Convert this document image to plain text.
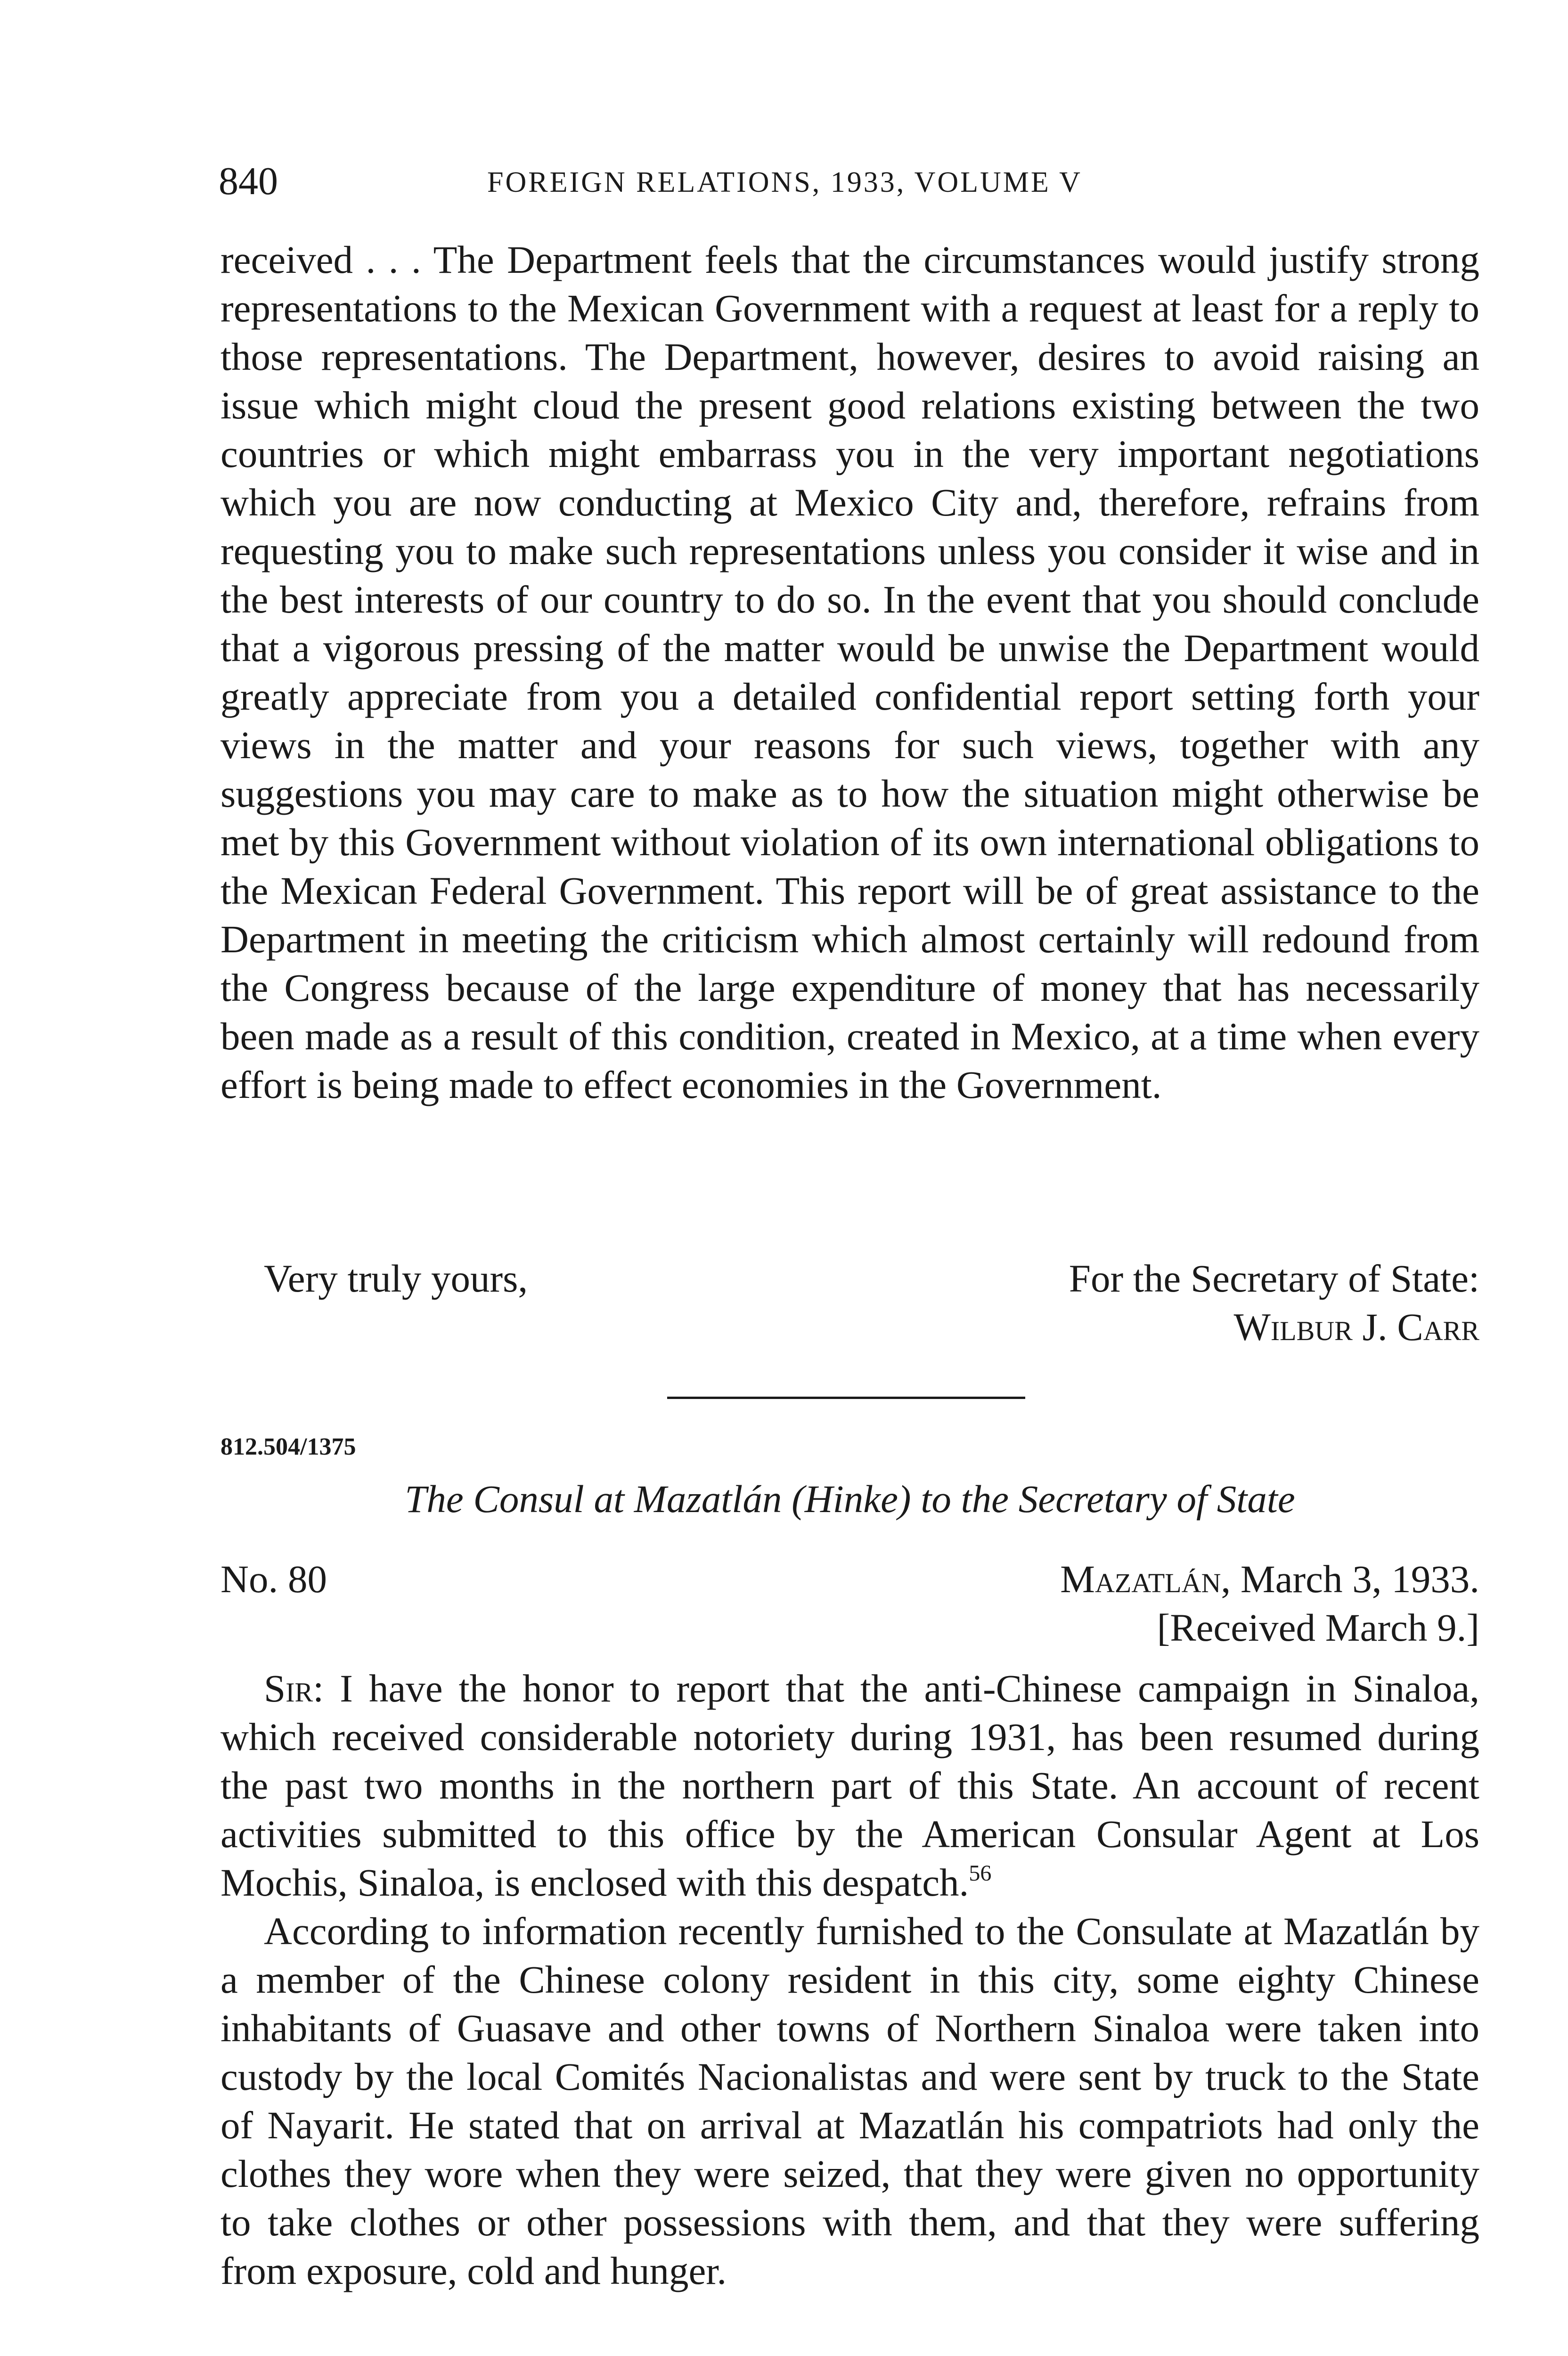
840	FOREIGN RELATIONS, 1933, VOLUME V

received . . . The Department feels that the circumstances would justify strong representations to the Mexican Government with a request at least for a reply to those representations. The Department, however, desires to avoid raising an issue which might cloud the present good relations existing between the two countries or which might embarrass you in the very important negotiations which you are now conducting at Mexico City and, therefore, refrains from requesting you to make such representations unless you consider it wise and in the best interests of our country to do so. In the event that you should conclude that a vigorous pressing of the matter would be unwise the Department would greatly appreciate from you a detailed confidential report setting forth your views in the matter and your reasons for such views, together with any suggestions you may care to make as to how the situation might otherwise be met by this Government without violation of its own international obligations to the Mexican Federal Government. This report will be of great assistance to the Department in meeting the criticism which almost certainly will redound from the Congress because of the large expenditure of money that has necessarily been made as a result of this condition, created in Mexico, at a time when every effort is being made to effect economies in the Government.

Very truly yours,	For the Secretary of State:
Wilbur J. Carr
812.504/1375
The Consul at Mazatlán (Hinke) to the Secretary of State
No. 80	Mazatlán, March 3, 1933.
[Received March 9.]

Sir: I have the honor to report that the anti-Chinese campaign in Sinaloa, which received considerable notoriety during 1931, has been resumed during the past two months in the northern part of this State. An account of recent activities submitted to this office by the American Consular Agent at Los Mochis, Sinaloa, is enclosed with this despatch.$^{56}$

According to information recently furnished to the Consulate at Mazatlán by a member of the Chinese colony resident in this city, some eighty Chinese inhabitants of Guasave and other towns of Northern Sinaloa were taken into custody by the local Comités Nacionalistas and were sent by truck to the State of Nayarit. He stated that on arrival at Mazatlán his compatriots had only the clothes they wore when they were seized, that they were given no opportunity to take clothes or other possessions with them, and that they were suffering from exposure, cold and hunger.
